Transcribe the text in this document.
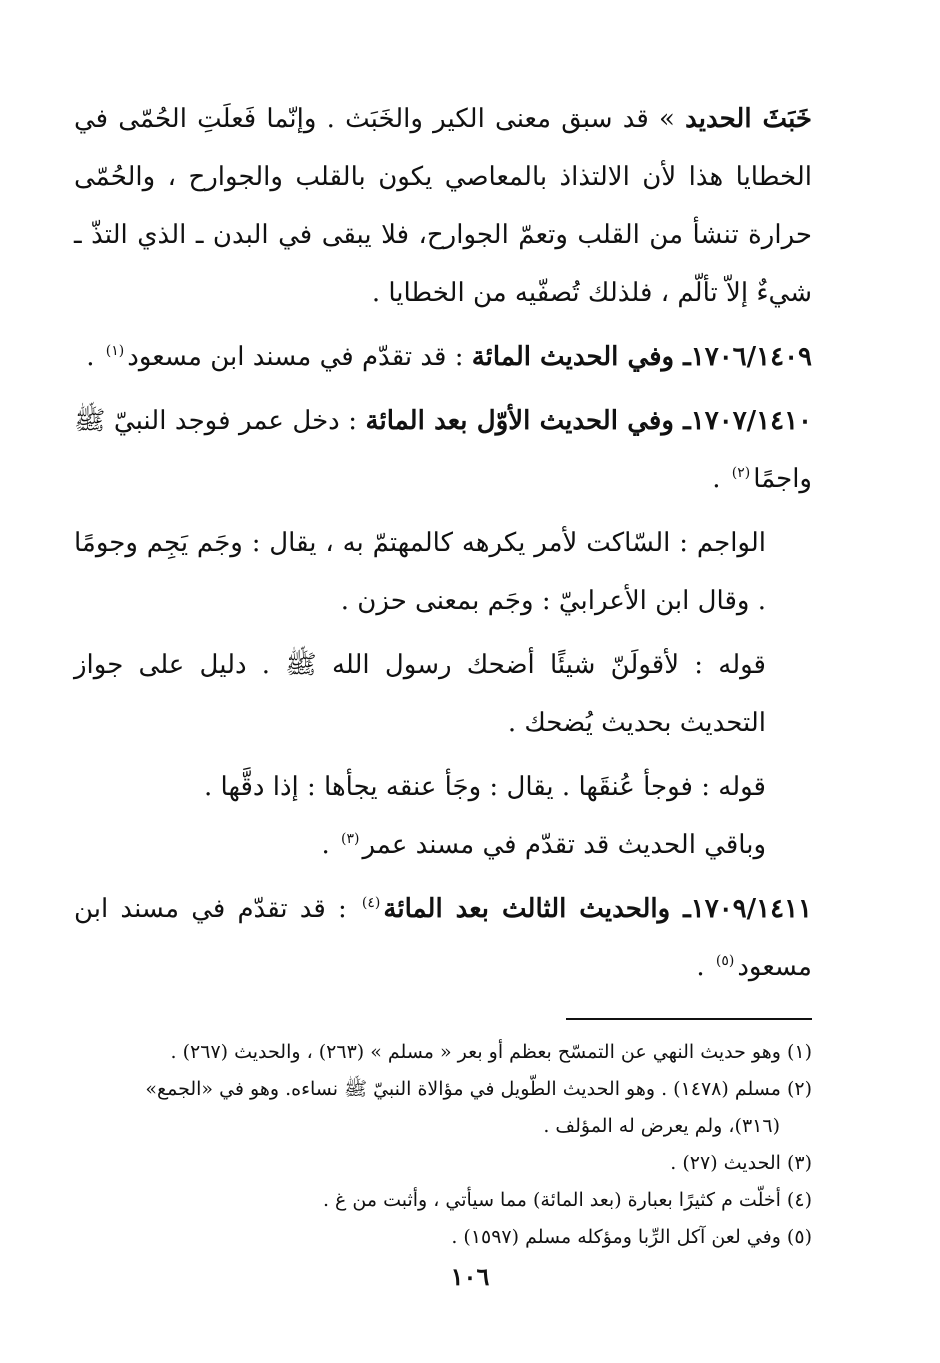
خَبَثَ الحديد » قد سبق معنى الكير والخَبَث . وإنّما فَعلَتِ الحُمّى في الخطايا هذا لأن الالتذاذ بالمعاصي يكون بالقلب والجوارح ، والحُمّى حرارة تنشأ من القلب وتعمّ الجوارح، فلا يبقى في البدن ـ الذي التذّ ـ شيءٌ إلاّ تألّم ، فلذلك تُصفّيه من الخطايا .

١٧٠٦/١٤٠٩ـ وفي الحديث المائة : قد تقدّم في مسند ابن مسعود$^{(١)}$ .

١٧٠٧/١٤١٠ـ وفي الحديث الأوّل بعد المائة : دخل عمر فوجد النبيّ ﷺ واجمًا$^{(٢)}$ .

الواجم : السّاكت لأمر يكرهه كالمهتمّ به ، يقال : وجَم يَجِم وجومًا . وقال ابن الأعرابيّ : وجَم بمعنى حزن .

قوله : لأقولَنّ شيئًا أضحك رسول الله ﷺ . دليل على جواز التحديث بحديث يُضحك .

قوله : فوجأ عُنقَها . يقال : وجَأ عنقه يجأها : إذا دقَّها .

وباقي الحديث قد تقدّم في مسند عمر$^{(٣)}$ .

١٧٠٩/١٤١١ـ والحديث الثالث بعد المائة$^{(٤)}$ : قد تقدّم في مسند ابن مسعود$^{(٥)}$ .

(١) وهو حديث النهي عن التمسّح بعظم أو بعر « مسلم » (٢٦٣) ، والحديث (٢٦٧) .

(٢) مسلم (١٤٧٨) . وهو الحديث الطّويل في مؤالاة النبيّ ﷺ نساءه. وهو في «الجمع»

(٣١٦)، ولم يعرض له المؤلف .

(٣) الحديث (٢٧) .

(٤) أخلّت م كثيرًا بعبارة (بعد المائة) مما سيأتي ، وأثبت من غ .

(٥) وفي لعن آكل الرِّبا ومؤكله مسلم (١٥٩٧) .

١٠٦
